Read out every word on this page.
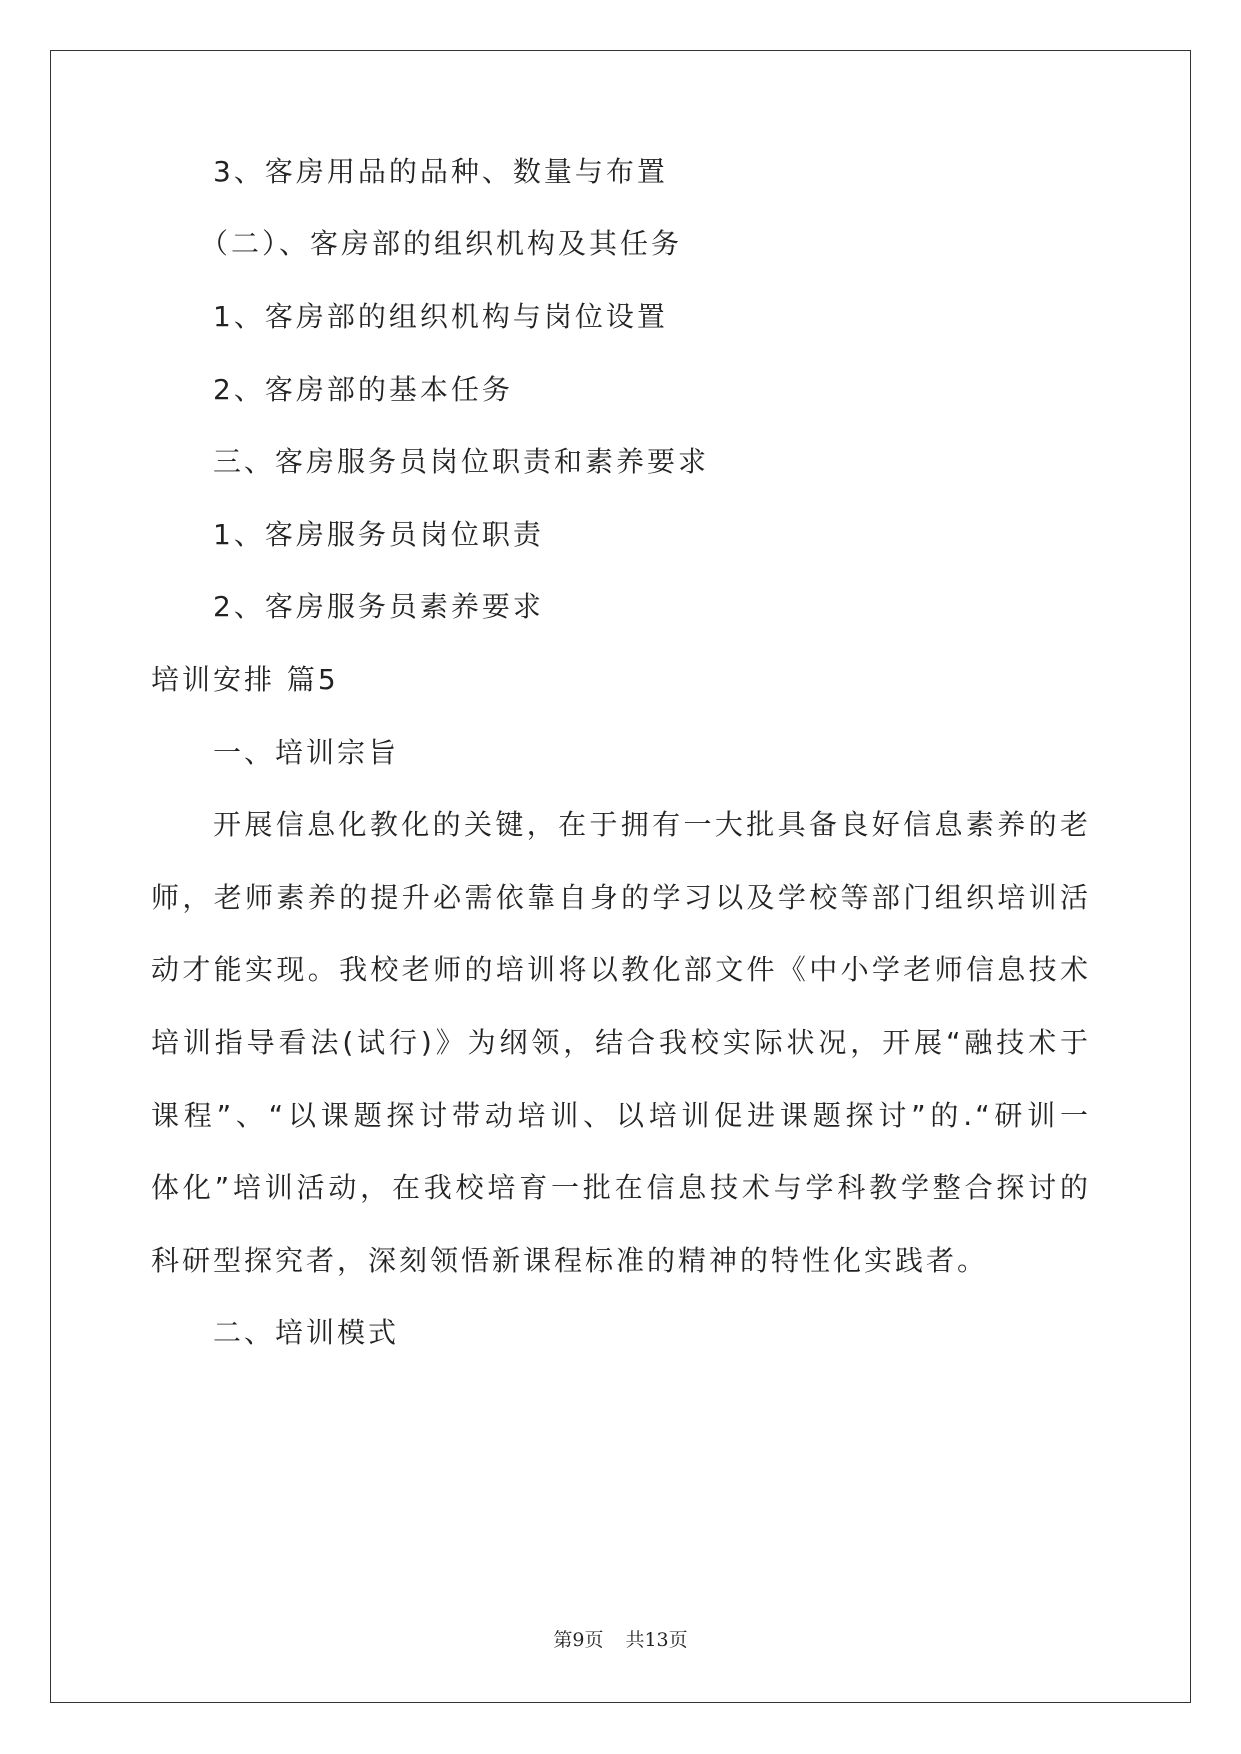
3、客房用品的品种、数量与布置

（二）、客房部的组织机构及其任务

1、客房部的组织机构与岗位设置

2、客房部的基本任务

三、客房服务员岗位职责和素养要求

1、客房服务员岗位职责

2、客房服务员素养要求

培训安排 篇5

一、培训宗旨

开展信息化教化的关键，在于拥有一大批具备良好信息素养的老

师，老师素养的提升必需依靠自身的学习以及学校等部门组织培训活

动才能实现。我校老师的培训将以教化部文件《中小学老师信息技术

培训指导看法(试行)》为纲领，结合我校实际状况，开展“融技术于

课程”、“以课题探讨带动培训、以培训促进课题探讨”的.“研训一

体化”培训活动，在我校培育一批在信息技术与学科教学整合探讨的

科研型探究者，深刻领悟新课程标准的精神的特性化实践者。

二、培训模式

第9页 共13页
